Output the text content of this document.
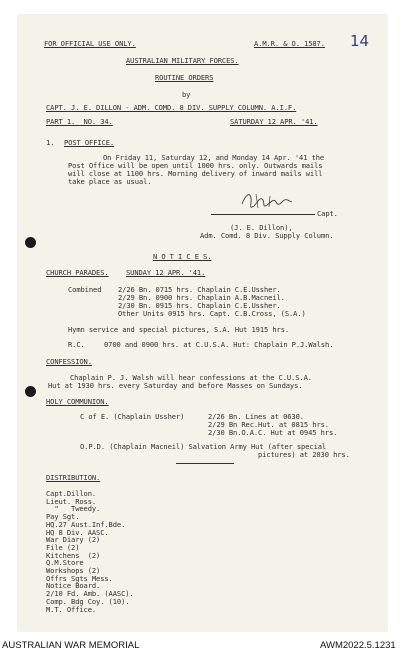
FOR OFFICIAL USE ONLY.	A.M.R. & O. 1587. 14
AUSTRALIAN MILITARY FORCES.
ROUTINE ORDERS
by
CAPT. J. E. DILLON - ADM. COMD. 8 DIV. SUPPLY COLUMN. A.I.F.
PART 1.  NO. 34.	SATURDAY 12 APR. '41.
1. POST OFFICE.
On Friday 11, Saturday 12, and Monday 14 Apr. '41 the
Post Office will be open until 1000 hrs. only. Outwards mails
will close at 1100 hrs. Morning delivery of inward mails will
take place as usual.
Capt.
(J. E. Dillon),
Adm. Comd. 8 Div. Supply Column.
N O T I C E S.
CHURCH PARADES. SUNDAY 12 APR. '41.
Combined 2/26 Bn. 0715 hrs. Chaplain C.E.Ussher.
2/29 Bn. 0900 hrs. Chaplain A.B.Macneil.
2/30 Bn. 0915 hrs. Chaplain C.E.Ussher.
Other Units 0915 hrs. Capt. C.B.Cross, (S.A.)
Hymn service and special pictures, S.A. Hut 1915 hrs.
R.C.	0700 and 0900 hrs. at C.U.S.A. Hut: Chaplain P.J.Walsh.
CONFESSION.
Chaplain P. J. Walsh will hear confessions at the C.U.S.A.
Hut at 1930 hrs. every Saturday and before Masses on Sundays.
HOLY COMMUNION.
C of E. (Chaplain Ussher)	2/26 Bn. Lines at 0630.
2/29 Bn Rec.Hut. at 0815 hrs.
2/30 Bn.O.A.C. Hut at 0945 hrs.
O.P.D. (Chaplain Macneil) Salvation Army Hut (after special
pictures) at 2030 hrs.
DISTRIBUTION.
Capt.Dillon.
Lieut. Ross.
"   Tweedy.
Pay Sgt.
HQ.27 Aust.Inf.Bde.
HQ 8 Div. AASC.
War Diary (2)
File (2)
Kitchens  (2)
Q.M.Store
Workshops (2)
Offrs Sgts Mess.
Notice Board.
2/10 Fd. Amb. (AASC).
Comp. Bdg Coy. (10).
M.T. Office.
AUSTRALIAN WAR MEMORIAL	AWM2022.5.1231
